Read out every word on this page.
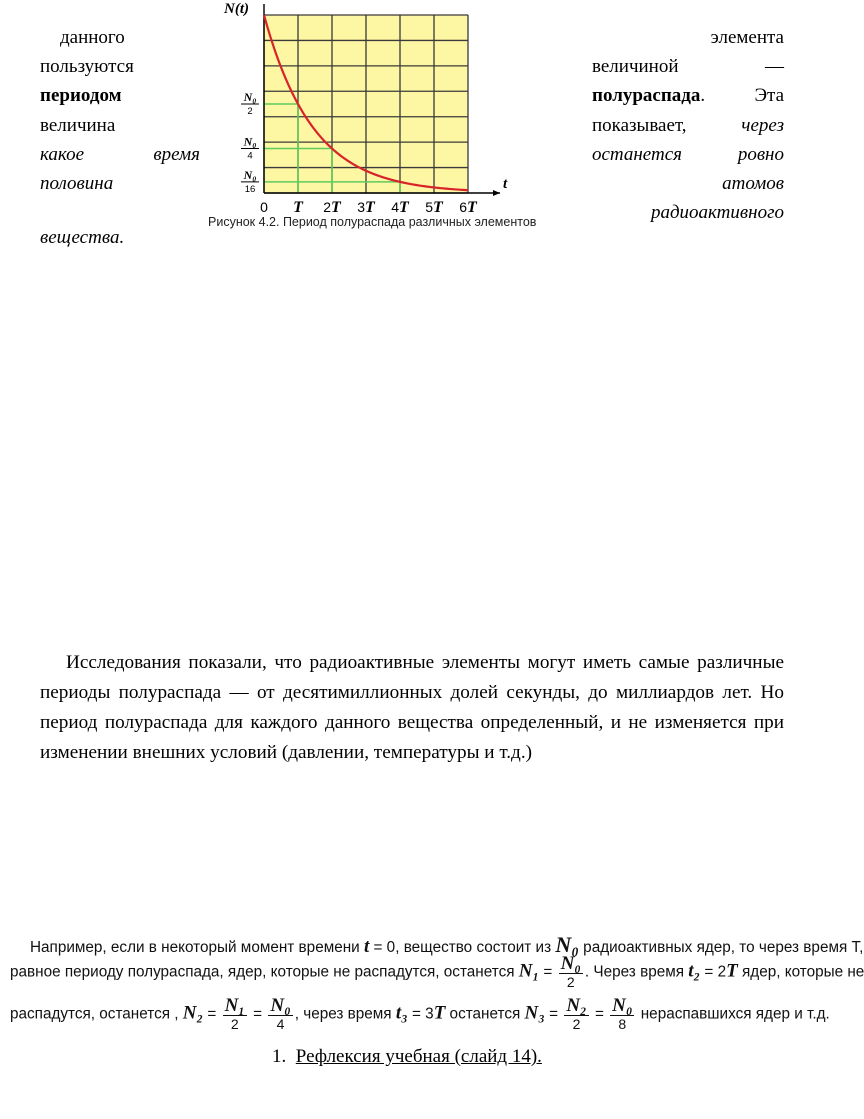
данного
пользуются
периодом
величина
какое	время
половина
элемента
величиной	—
полураспада.	Эта
показывает,	через
останется	ровно
атомов
радиоактивного
вещества.
N(t)
t
N₀
2
N₀
4
N₀
16
0 T 2T 3T 4T 5T 6T
Рисунок 4.2. Период полураспада различных элементов
Исследования показали, что радиоактивные элементы могут иметь самые различные периоды полураспада — от десятимиллионных долей секунды, до миллиардов лет. Но период полураспада для каждого данного вещества определенный, и не изменяется при изменении внешних условий (давлении, температуры и т.д.)
Например, если в некоторый момент времени t = 0, вещество состоит из N₀ радиоактивных ядер, то через время Т,
равное периоду полураспада, ядер, которые не распадутся, останется $N_1 = \frac{\text{N₀}}{2}$ . Через время t₂ = 2T ядер, которые не
распадутся, останется , $N_2 = \frac{\text{N₁}}{2} = \frac{\text{N₀}}{4}$ , через время t₃ = 3T останется $N_3 = \frac{\text{N₂}}{2} = \frac{\text{N₀}}{8}$ нераспавшихся ядер и т.д.
1. Рефлексия учебная (слайд 14).
